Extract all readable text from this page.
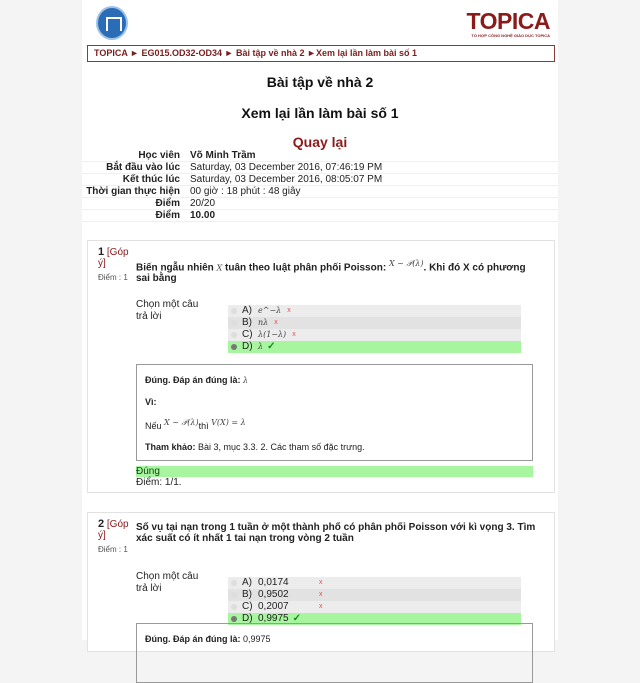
TOPICA
TỔ HỢP CÔNG NGHỆ GIÁO DỤC TOPICA
TOPICA ► EG015.OD32-OD34 ► Bài tập về nhà 2 ►Xem lại lần làm bài số 1
Bài tập về nhà 2
Xem lại lần làm bài số 1
Quay lại
Học viên	Võ Minh Trầm
Bắt đầu vào lúc	Saturday, 03 December 2016, 07:46:19 PM
Kết thúc lúc	Saturday, 03 December 2016, 08:05:07 PM
Thời gian thực hiện	00 giờ : 18 phút : 48 giây
Điểm	20/20
Điểm	10.00
1 [Góp ý]
Điểm : 1
Biến ngẫu nhiên X tuân theo luật phân phối Poisson: $^{X \sim 𝒫(\lambda)}$. Khi đó X có phương sai bằng
Chọn một câu trả lời
A) e^−λ x
B) nλ x
C) λ(1−λ) x
D) λ ✓

Đúng. Đáp án đúng là: λ

Vì:

Nếu $^{X \sim 𝒫(\lambda)}$thì $^{V(X) = \lambda}$

Tham khảo: Bài 3, mục 3.3. 2. Các tham số đặc trưng.

Đúng
Điểm: 1/1.
2 [Góp ý]
Điểm : 1
Số vụ tại nạn trong 1 tuần ở một thành phố có phân phối Poisson với kì vọng 3. Tìm xác suất có ít nhất 1 tai nạn trong vòng 2 tuần
Chọn một câu trả lời
A) 0,0174	x
B) 0,9502	x
C) 0,2007	x
D) 0,9975 ✓

Đúng. Đáp án đúng là: 0,9975
